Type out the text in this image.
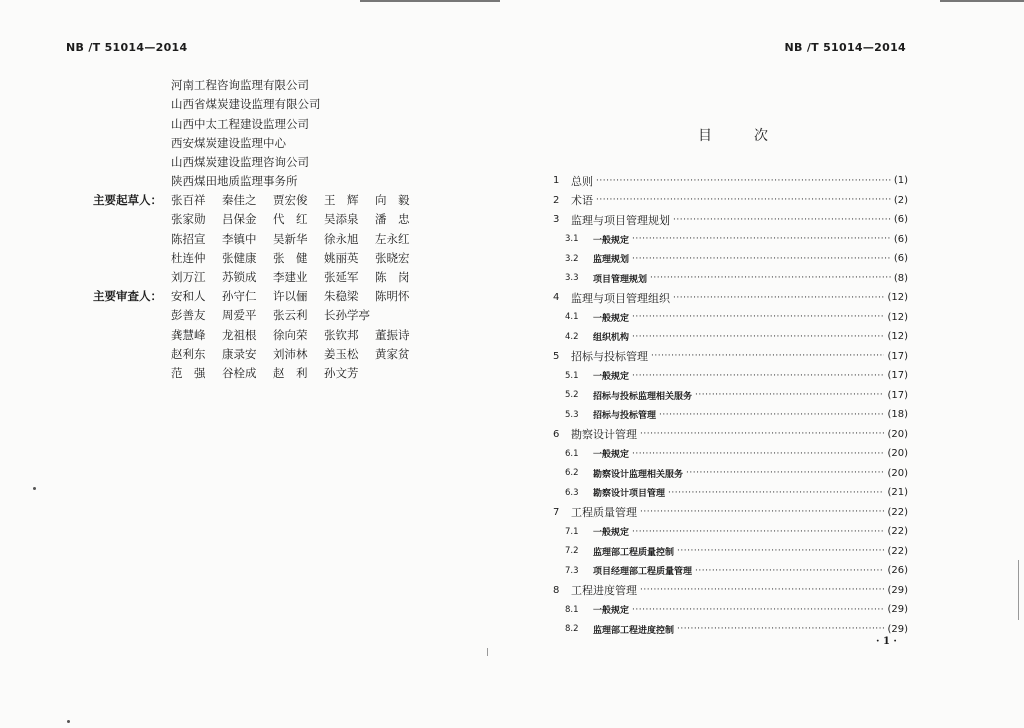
NB /T 51014—2014
河南工程咨询监理有限公司
山西省煤炭建设监理有限公司
山西中太工程建设监理公司
西安煤炭建设监理中心
山西煤炭建设监理咨询公司
陕西煤田地质监理事务所
主要起草人： 张百祥	秦佳之	贾宏俊	王　辉	向　毅
张家勋	吕保金	代　红	吴添泉	潘　忠
陈招宣	李镇中	吴新华	徐永旭	左永红
杜连仲	张健康	张　健	姚丽英	张晓宏
刘万江	苏锁成	李建业	张延军	陈　岗
主要审查人： 安和人	孙守仁	许以俪	朱稳梁	陈明怀
彭善友	周爱平	张云利	长孙学亭
龚慧峰	龙祖根	徐向荣	张钦邦	董振诗
赵利东	康录安	刘沛林	姜玉松	黄家贫
范　强	谷栓成	赵　利	孙文芳
NB /T 51014—2014
目次
1	总则 ·····	(1)
2	术语 ·····	(2)
3	监理与项目管理规划 ·····	(6)
3.1	一般规定 ·····	(6)
3.2	监理规划 ·····	(6)
3.3	项目管理规划 ·····	(8)
4	监理与项目管理组织 ·····	(12)
4.1	一般规定 ·····	(12)
4.2	组织机构 ·····	(12)
5	招标与投标管理 ·····	(17)
5.1	一般规定 ·····	(17)
5.2	招标与投标监理相关服务 ·····	(17)
5.3	招标与投标管理 ·····	(18)
6	勘察设计管理 ·····	(20)
6.1	一般规定 ·····	(20)
6.2	勘察设计监理相关服务 ·····	(20)
6.3	勘察设计项目管理 ·····	(21)
7	工程质量管理 ·····	(22)
7.1	一般规定 ·····	(22)
7.2	监理部工程质量控制 ·····	(22)
7.3	项目经理部工程质量管理 ·····	(26)
8	工程进度管理 ·····	(29)
8.1	一般规定 ·····	(29)
8.2	监理部工程进度控制 ·····	(29)
· 1 ·
